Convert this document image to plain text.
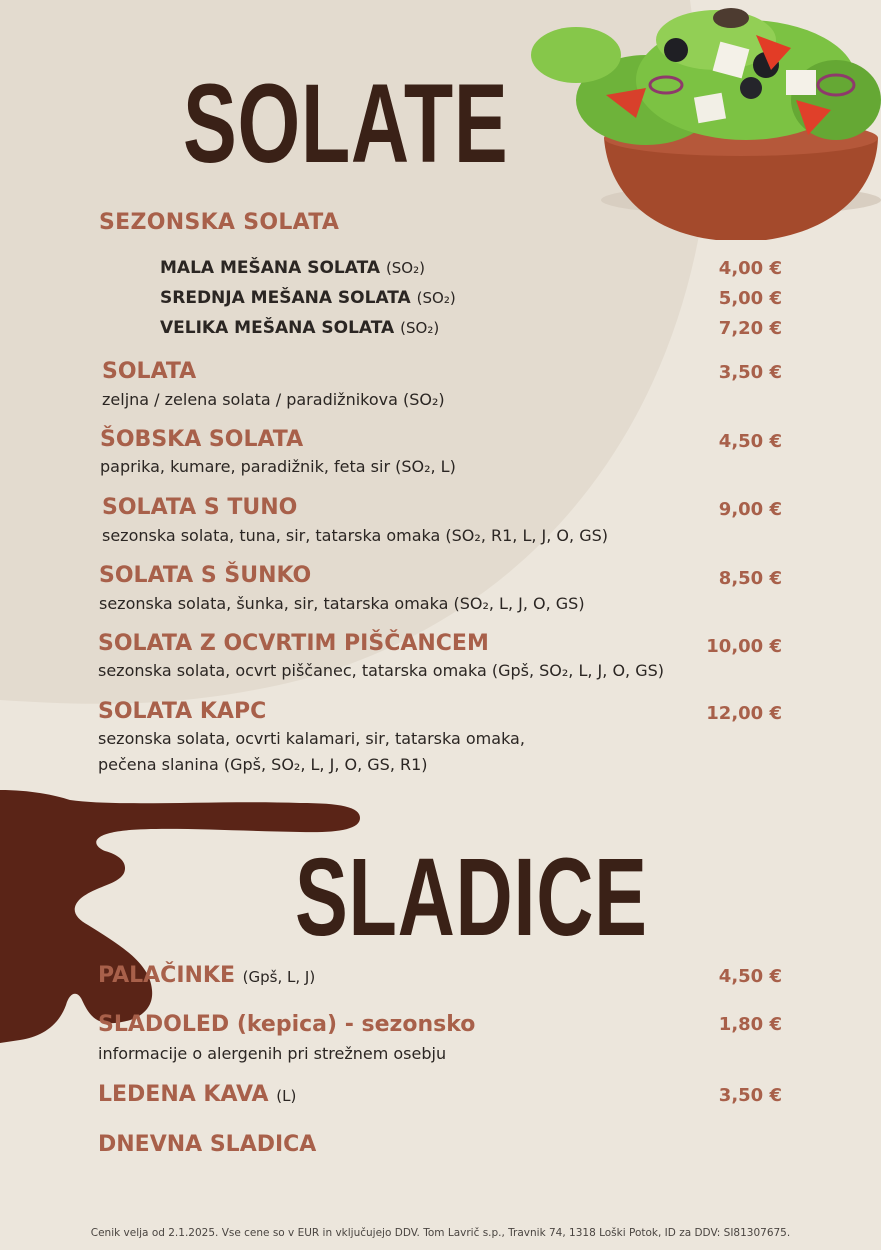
SOLATE
SEZONSKA SOLATA
MALA MEŠANA SOLATA (SO₂)	4,00 €
SREDNJA MEŠANA SOLATA (SO₂)	5,00 €
VELIKA MEŠANA SOLATA (SO₂)	7,20 €
SOLATA	3,50 €
zeljna / zelena solata / paradižnikova (SO₂)
ŠOBSKA SOLATA	4,50 €
paprika, kumare, paradižnik, feta sir (SO₂, L)
SOLATA S TUNO	9,00 €
sezonska solata, tuna, sir, tatarska omaka (SO₂, R1, L, J, O, GS)
SOLATA S ŠUNKO	8,50 €
sezonska solata, šunka, sir, tatarska omaka (SO₂, L, J, O, GS)
SOLATA Z OCVRTIM PIŠČANCEM	10,00 €
sezonska solata, ocvrt piščanec, tatarska omaka (Gpš, SO₂, L, J, O, GS)
SOLATA KAPC	12,00 €
sezonska solata, ocvrti kalamari, sir, tatarska omaka,
pečena slanina (Gpš, SO₂, L, J, O, GS, R1)
SLADICE
PALAČINKE (Gpš, L, J)	4,50 €
SLADOLED (kepica) - sezonsko	1,80 €
informacije o alergenih pri strežnem osebju
LEDENA KAVA (L)	3,50 €
DNEVNA SLADICA
Cenik velja od 2.1.2025. Vse cene so v EUR in vključujejo DDV. Tom Lavrič s.p., Travnik 74, 1318 Loški Potok, ID za DDV: SI81307675.
